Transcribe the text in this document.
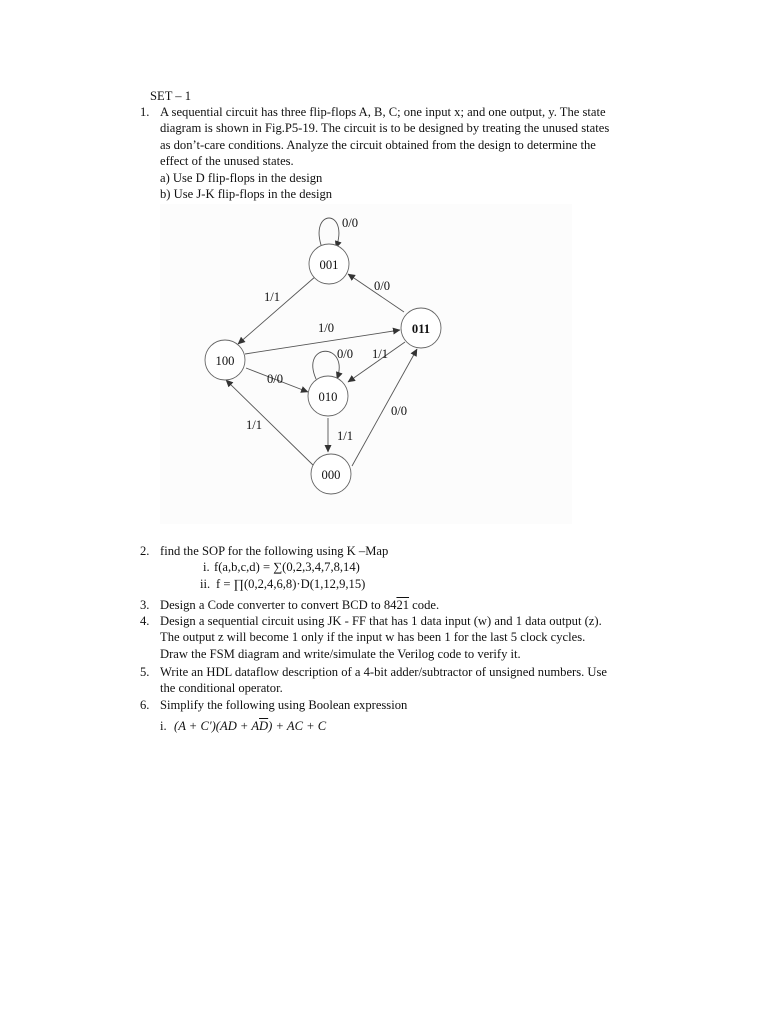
SET – 1
1. A sequential circuit has three flip-flops A, B, C; one input x; and one output, y. The state
diagram is shown in Fig.P5-19. The circuit is to be designed by treating the unused states
as don’t-care conditions. Analyze the circuit obtained from the design to determine the
effect of the unused states.
a) Use D flip-flops in the design
b) Use J-K flip-flops in the design
001
011
100
010
000
0/0
1/1
0/0
1/0
0/0 1/1
0/0
1/1
1/1
0/0
2. find the SOP for the following using K –Map
i. f(a,b,c,d) = ∑(0,2,3,4,7,8,14)
ii. f = ∏(0,2,4,6,8)·D(1,12,9,15)
3. Design a Code converter to convert BCD to 8421 code.
4. Design a sequential circuit using JK - FF that has 1 data input (w) and 1 data output (z).
The output z will become 1 only if the input w has been 1 for the last 5 clock cycles.
Draw the FSM diagram and write/simulate the Verilog code to verify it.
5. Write an HDL dataflow description of a 4-bit adder/subtractor of unsigned numbers. Use
the conditional operator.
6. Simplify the following using Boolean expression
i. $(A + C')(AD + A\overline{D})$ + AC + C
